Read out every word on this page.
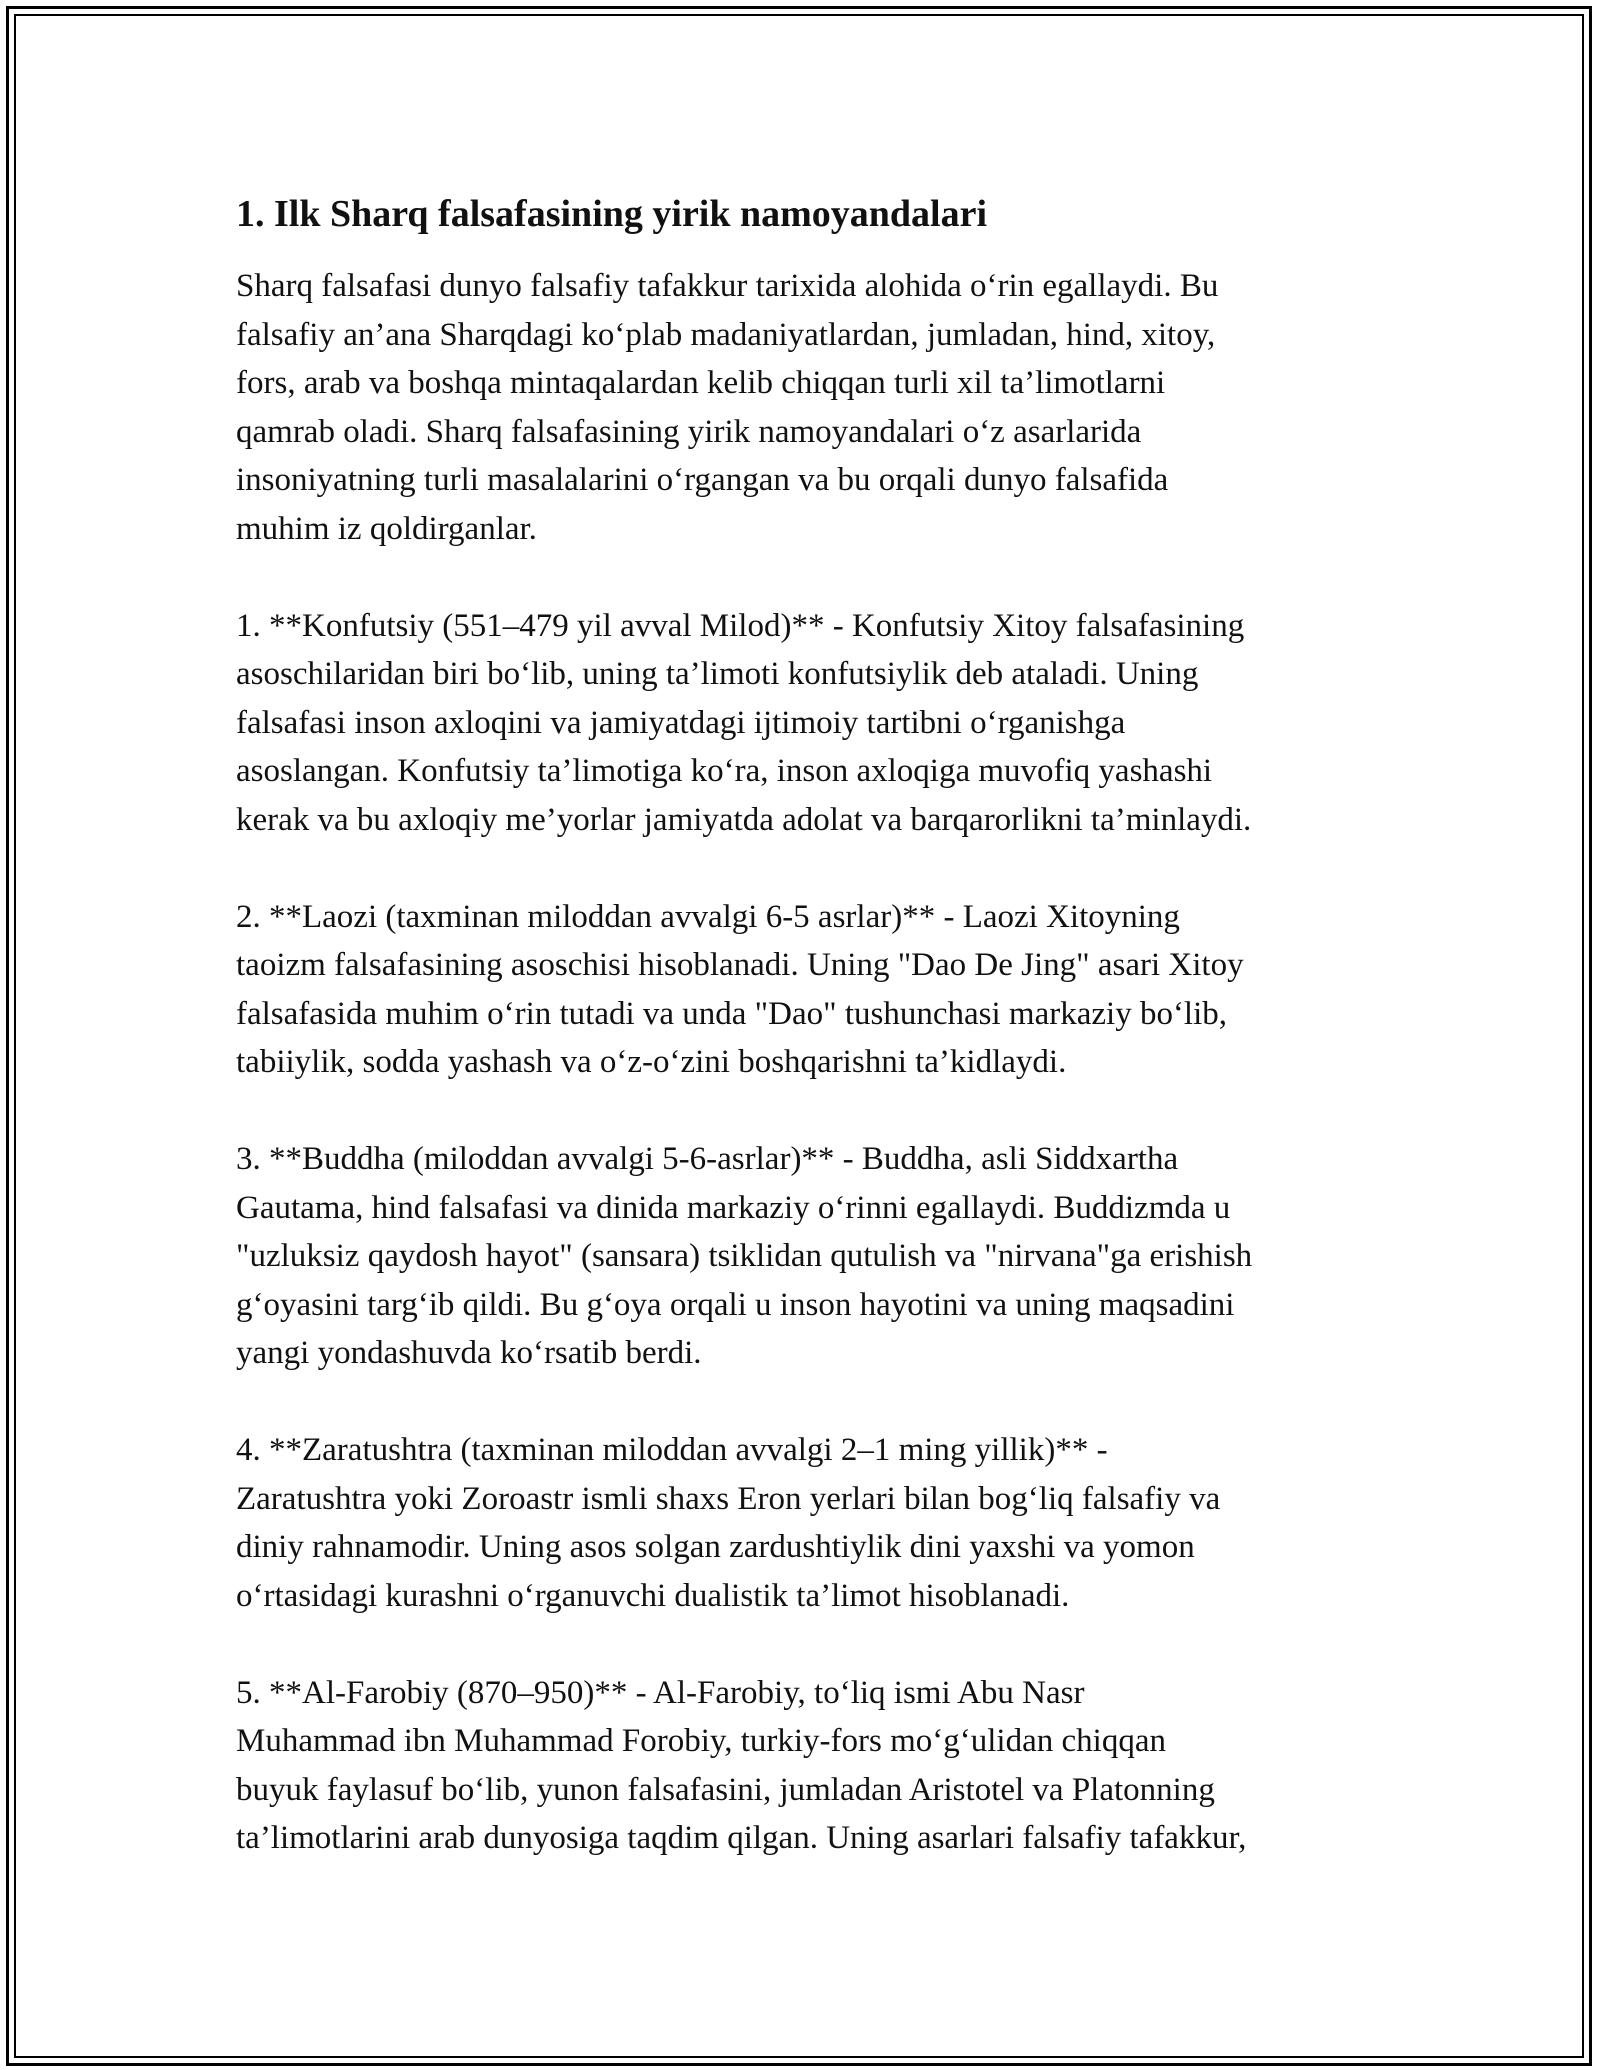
1. Ilk Sharq falsafasining yirik namoyandalari

Sharq falsafasi dunyo falsafiy tafakkur tarixida alohida o‘rin egallaydi. Bu
falsafiy an’ana Sharqdagi ko‘plab madaniyatlardan, jumladan, hind, xitoy,
fors, arab va boshqa mintaqalardan kelib chiqqan turli xil ta’limotlarni
qamrab oladi. Sharq falsafasining yirik namoyandalari o‘z asarlarida
insoniyatning turli masalalarini o‘rgangan va bu orqali dunyo falsafida
muhim iz qoldirganlar.

1. **Konfutsiy (551–479 yil avval Milod)** - Konfutsiy Xitoy falsafasining
asoschilaridan biri bo‘lib, uning ta’limoti konfutsiylik deb ataladi. Uning
falsafasi inson axloqini va jamiyatdagi ijtimoiy tartibni o‘rganishga
asoslangan. Konfutsiy ta’limotiga ko‘ra, inson axloqiga muvofiq yashashi
kerak va bu axloqiy me’yorlar jamiyatda adolat va barqarorlikni ta’minlaydi.

2. **Laozi (taxminan miloddan avvalgi 6-5 asrlar)** - Laozi Xitoyning
taoizm falsafasining asoschisi hisoblanadi. Uning "Dao De Jing" asari Xitoy
falsafasida muhim o‘rin tutadi va unda "Dao" tushunchasi markaziy bo‘lib,
tabiiylik, sodda yashash va o‘z-o‘zini boshqarishni ta’kidlaydi.

3. **Buddha (miloddan avvalgi 5-6-asrlar)** - Buddha, asli Siddxartha
Gautama, hind falsafasi va dinida markaziy o‘rinni egallaydi. Buddizmda u
"uzluksiz qaydosh hayot" (sansara) tsiklidan qutulish va "nirvana"ga erishish
g‘oyasini targ‘ib qildi. Bu g‘oya orqali u inson hayotini va uning maqsadini
yangi yondashuvda ko‘rsatib berdi.

4. **Zaratushtra (taxminan miloddan avvalgi 2–1 ming yillik)** -
Zaratushtra yoki Zoroastr ismli shaxs Eron yerlari bilan bog‘liq falsafiy va
diniy rahnamodir. Uning asos solgan zardushtiylik dini yaxshi va yomon
o‘rtasidagi kurashni o‘rganuvchi dualistik ta’limot hisoblanadi.

5. **Al-Farobiy (870–950)** - Al-Farobiy, to‘liq ismi Abu Nasr
Muhammad ibn Muhammad Forobiy, turkiy-fors mo‘g‘ulidan chiqqan
buyuk faylasuf bo‘lib, yunon falsafasini, jumladan Aristotel va Platonning
ta’limotlarini arab dunyosiga taqdim qilgan. Uning asarlari falsafiy tafakkur,
